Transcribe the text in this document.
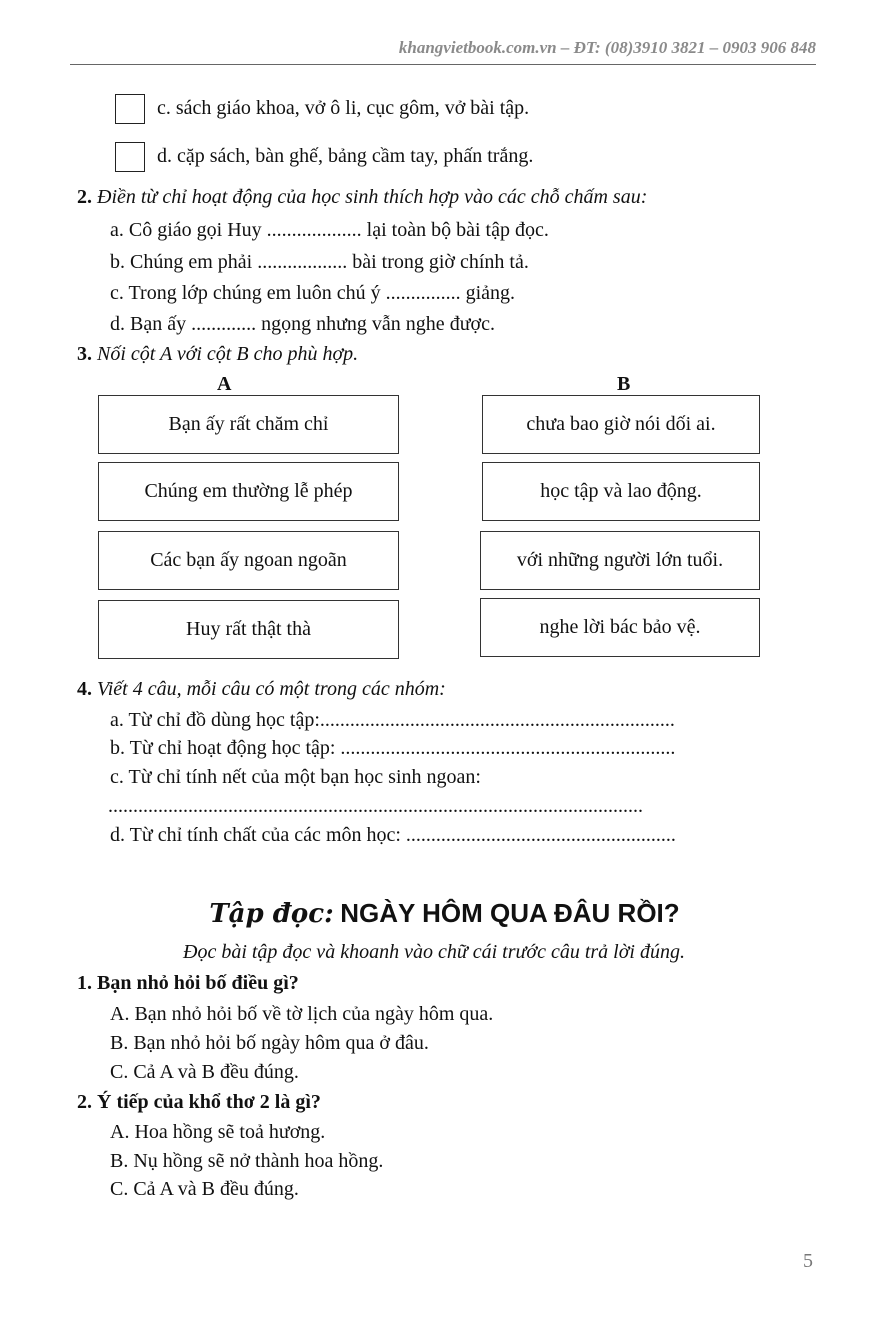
khangvietbook.com.vn – ĐT: (08)3910 3821 – 0903 906 848
c. sách giáo khoa, vở ô li, cục gôm, vở bài tập.
d. cặp sách, bàn ghế, bảng cầm tay, phấn trắng.
2. Điền từ chỉ hoạt động của học sinh thích hợp vào các chỗ chấm sau:
a. Cô giáo gọi Huy ................... lại toàn bộ bài tập đọc.
b. Chúng em phải .................. bài trong giờ chính tả.
c. Trong lớp chúng em luôn chú ý ............... giảng.
d. Bạn ấy ............. ngọng nhưng vẫn nghe được.
3. Nối cột A với cột B cho phù hợp.
A	B
Bạn ấy rất chăm chỉ
Chúng em thường lễ phép
Các bạn ấy ngoan ngoãn
Huy rất thật thà
chưa bao giờ nói dối ai.
học tập và lao động.
với những người lớn tuổi.
nghe lời bác bảo vệ.
4. Viết 4 câu, mỗi câu có một trong các nhóm:
a. Từ chỉ đồ dùng học tập:.......................................................................
b. Từ chỉ hoạt động học tập: ...................................................................
c. Từ chỉ tính nết của một bạn học sinh ngoan:
...........................................................................................................
d. Từ chỉ tính chất của các môn học: ......................................................
Tập đọc: NGÀY HÔM QUA ĐÂU RỒI?
Đọc bài tập đọc và khoanh vào chữ cái trước câu trả lời đúng.
1. Bạn nhỏ hỏi bố điều gì?
A. Bạn nhỏ hỏi bố về tờ lịch của ngày hôm qua.
B. Bạn nhỏ hỏi bố ngày hôm qua ở đâu.
C. Cả A và B đều đúng.
2. Ý tiếp của khổ thơ 2 là gì?
A. Hoa hồng sẽ toả hương.
B. Nụ hồng sẽ nở thành hoa hồng.
C. Cả A và B đều đúng.
5
